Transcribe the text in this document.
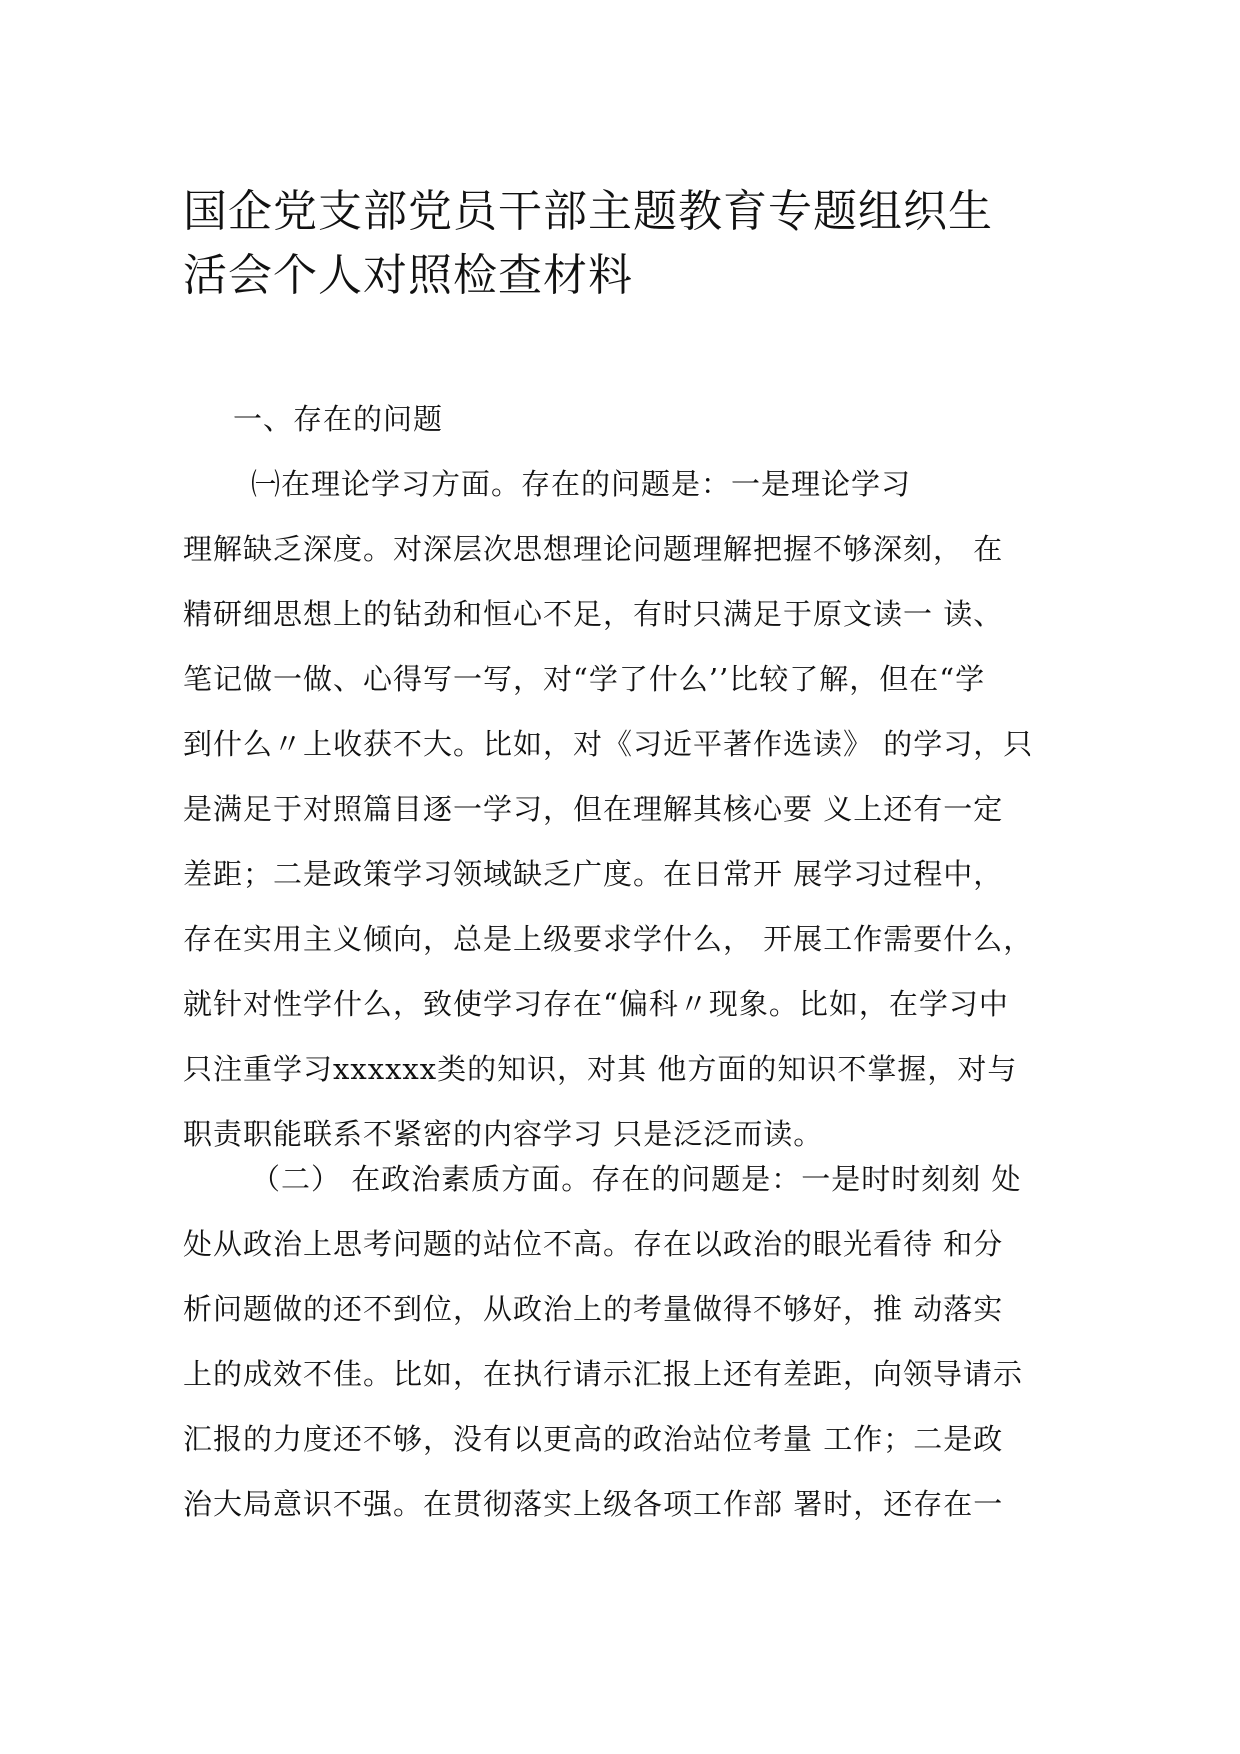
国企党支部党员干部主题教育专题组织生
活会个人对照检查材料

一、存在的问题

㈠在理论学习方面。存在的问题是：一是理论学习
理解缺乏深度。对深层次思想理论问题理解把握不够深刻， 在
精研细思想上的钻劲和恒心不足，有时只满足于原文读一 读、
笔记做一做、心得写一写，对“学了什么’’比较了解，但在“学
到什么〃上收获不大。比如，对《习近平著作选读》 的学习，只
是满足于对照篇目逐一学习，但在理解其核心要 义上还有一定
差距；二是政策学习领域缺乏广度。在日常开 展学习过程中，
存在实用主义倾向，总是上级要求学什么， 开展工作需要什么，
就针对性学什么，致使学习存在“偏科〃现象。比如，在学习中
只注重学习xxxxxx类的知识，对其 他方面的知识不掌握，对与
职责职能联系不紧密的内容学习 只是泛泛而读。

（二） 在政治素质方面。存在的问题是：一是时时刻刻 处
处从政治上思考问题的站位不高。存在以政治的眼光看待 和分
析问题做的还不到位，从政治上的考量做得不够好，推 动落实
上的成效不佳。比如，在执行请示汇报上还有差距，向领导请示
汇报的力度还不够，没有以更高的政治站位考量 工作；二是政
治大局意识不强。在贯彻落实上级各项工作部 署时，还存在一
